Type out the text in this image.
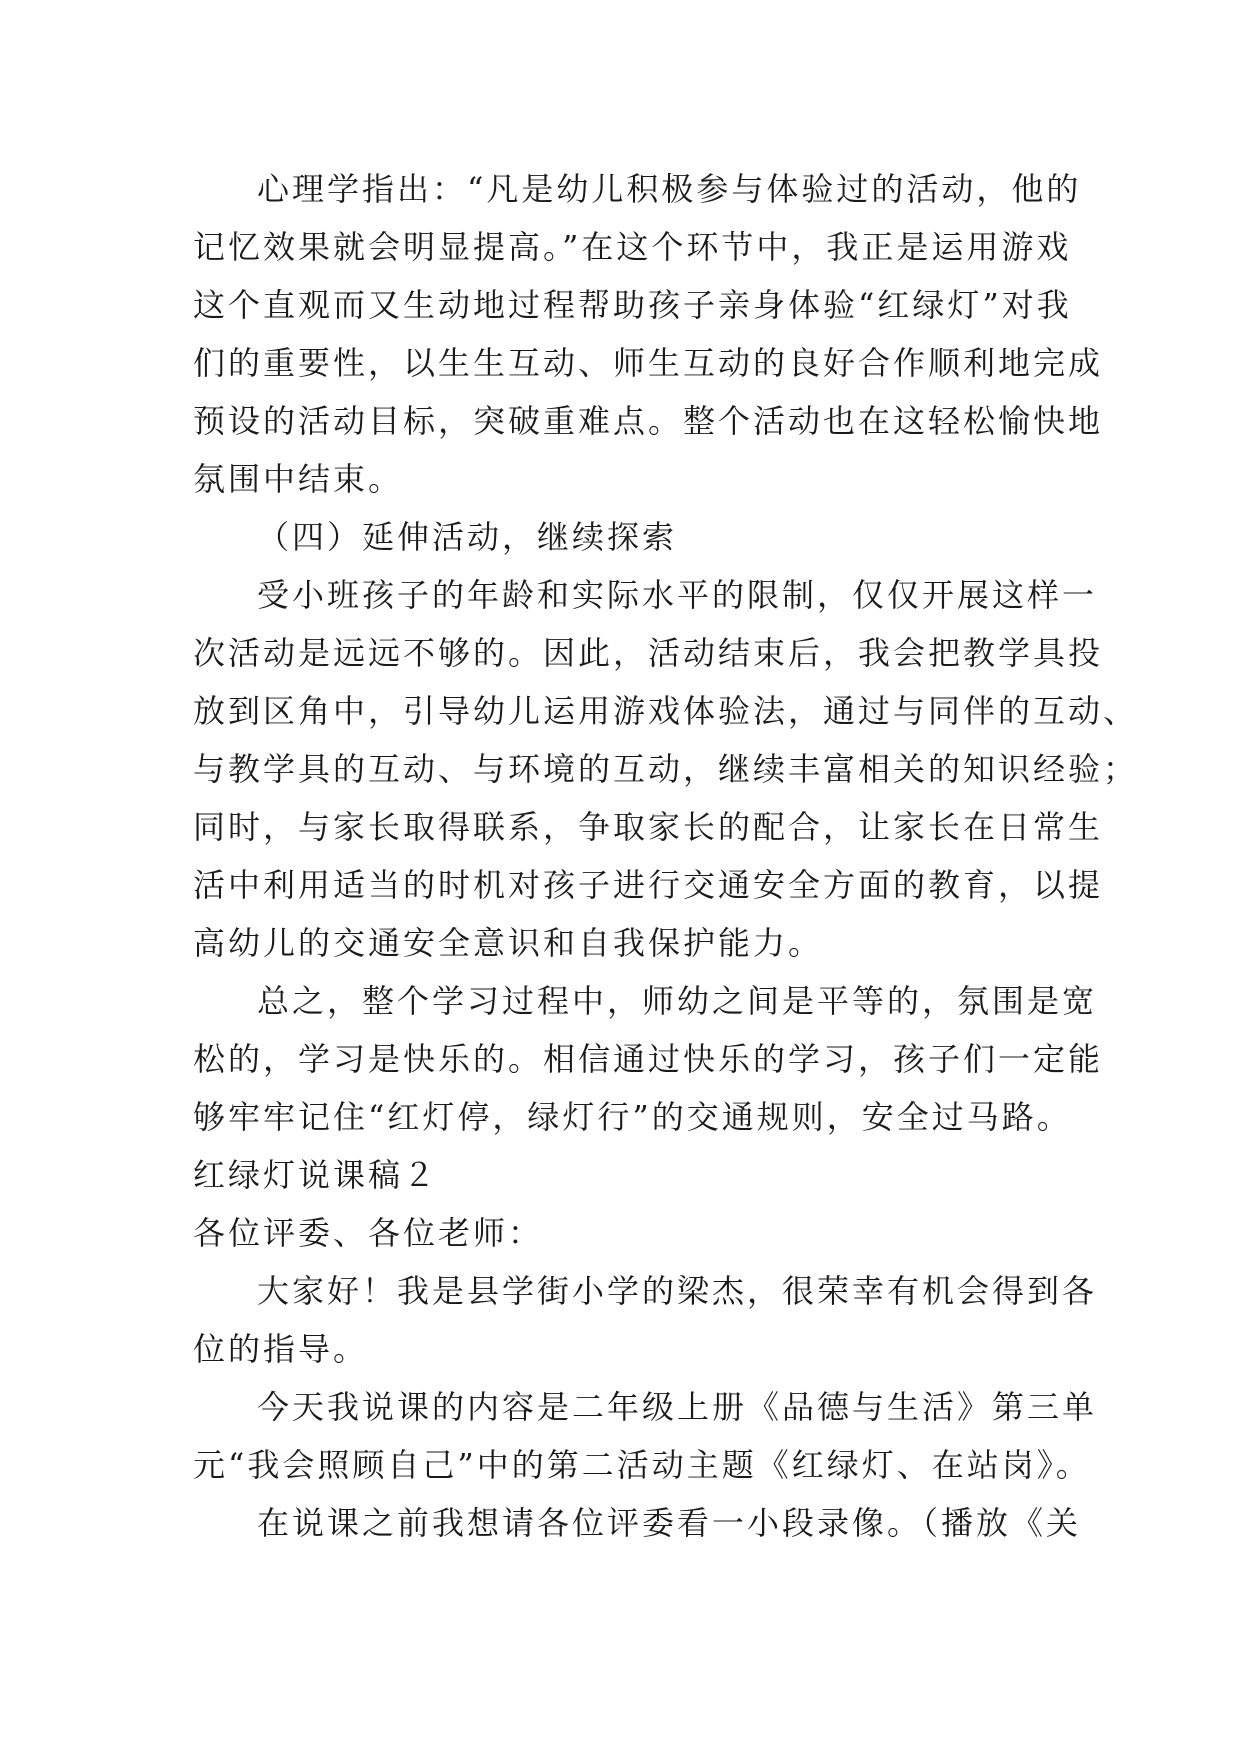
心理学指出：“凡是幼儿积极参与体验过的活动，他的
记忆效果就会明显提高。”在这个环节中，我正是运用游戏
这个直观而又生动地过程帮助孩子亲身体验“红绿灯”对我
们的重要性，以生生互动、师生互动的良好合作顺利地完成
预设的活动目标，突破重难点。整个活动也在这轻松愉快地
氛围中结束。
（四）延伸活动，继续探索
受小班孩子的年龄和实际水平的限制，仅仅开展这样一
次活动是远远不够的。因此，活动结束后，我会把教学具投
放到区角中，引导幼儿运用游戏体验法，通过与同伴的互动、
与教学具的互动、与环境的互动，继续丰富相关的知识经验；
同时，与家长取得联系，争取家长的配合，让家长在日常生
活中利用适当的时机对孩子进行交通安全方面的教育，以提
高幼儿的交通安全意识和自我保护能力。
总之，整个学习过程中，师幼之间是平等的，氛围是宽
松的，学习是快乐的。相信通过快乐的学习，孩子们一定能
够牢牢记住“红灯停，绿灯行”的交通规则，安全过马路。
红绿灯说课稿２
各位评委、各位老师：
大家好！我是县学街小学的梁杰，很荣幸有机会得到各
位的指导。
今天我说课的内容是二年级上册《品德与生活》第三单
元“我会照顾自己”中的第二活动主题《红绿灯、在站岗》。
在说课之前我想请各位评委看一小段录像。（播放《关
